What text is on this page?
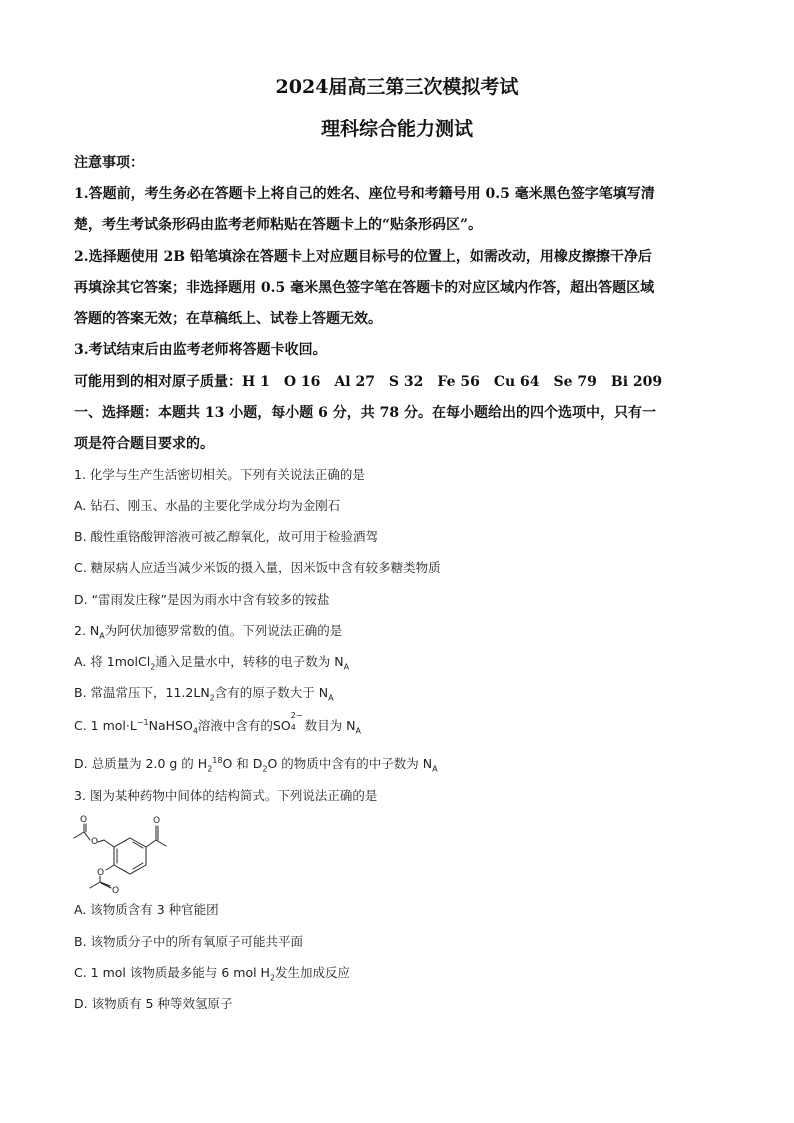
2024届高三第三次模拟考试
理科综合能力测试
注意事项：
1.答题前，考生务必在答题卡上将自己的姓名、座位号和考籍号用 0.5 毫米黑色签字笔填写清
楚，考生考试条形码由监考老师粘贴在答题卡上的“贴条形码区”。
2.选择题使用 2B 铅笔填涂在答题卡上对应题目标号的位置上，如需改动，用橡皮擦擦干净后
再填涂其它答案；非选择题用 0.5 毫米黑色签字笔在答题卡的对应区域内作答，超出答题区域
答题的答案无效；在草稿纸上、试卷上答题无效。
3.考试结束后由监考老师将答题卡收回。
可能用到的相对原子质量：H 1　O 16　Al 27　S 32　Fe 56　Cu 64　Se 79　Bi 209
一、选择题：本题共 13 小题，每小题 6 分，共 78 分。在每小题给出的四个选项中，只有一
项是符合题目要求的。
1. 化学与生产生活密切相关。下列有关说法正确的是
A. 钻石、刚玉、水晶的主要化学成分均为金刚石
B. 酸性重铬酸钾溶液可被乙醇氧化，故可用于检验酒驾
C. 糖尿病人应适当减少米饭的摄入量，因米饭中含有较多糖类物质
D. “雷雨发庄稼”是因为雨水中含有较多的铵盐
2. $N_A$为阿伏加德罗常数的值。下列说法正确的是
A. 将 1molCl$_2$通入足量水中，转移的电子数为 $N_A$
B. 常温常压下，$11.2LN_2$含有的原子数大于 $N_A$
C. 1 $mol\cdot L^{-1}NaHSO_4$溶液中含有的SO
2−
4 数目为 $N_A$
D. 总质量为 2.0 g 的 $H_2^{18}O$ 和 $D_2O$ 的物质中含有的中子数为 $N_A$
3. 图为某种药物中间体的结构简式。下列说法正确的是
O
O
O
O
O
A. 该物质含有 3 种官能团
B. 该物质分子中的所有氧原子可能共平面
C. 1 mol 该物质最多能与 6 mol $H_2$发生加成反应
D. 该物质有 5 种等效氢原子
